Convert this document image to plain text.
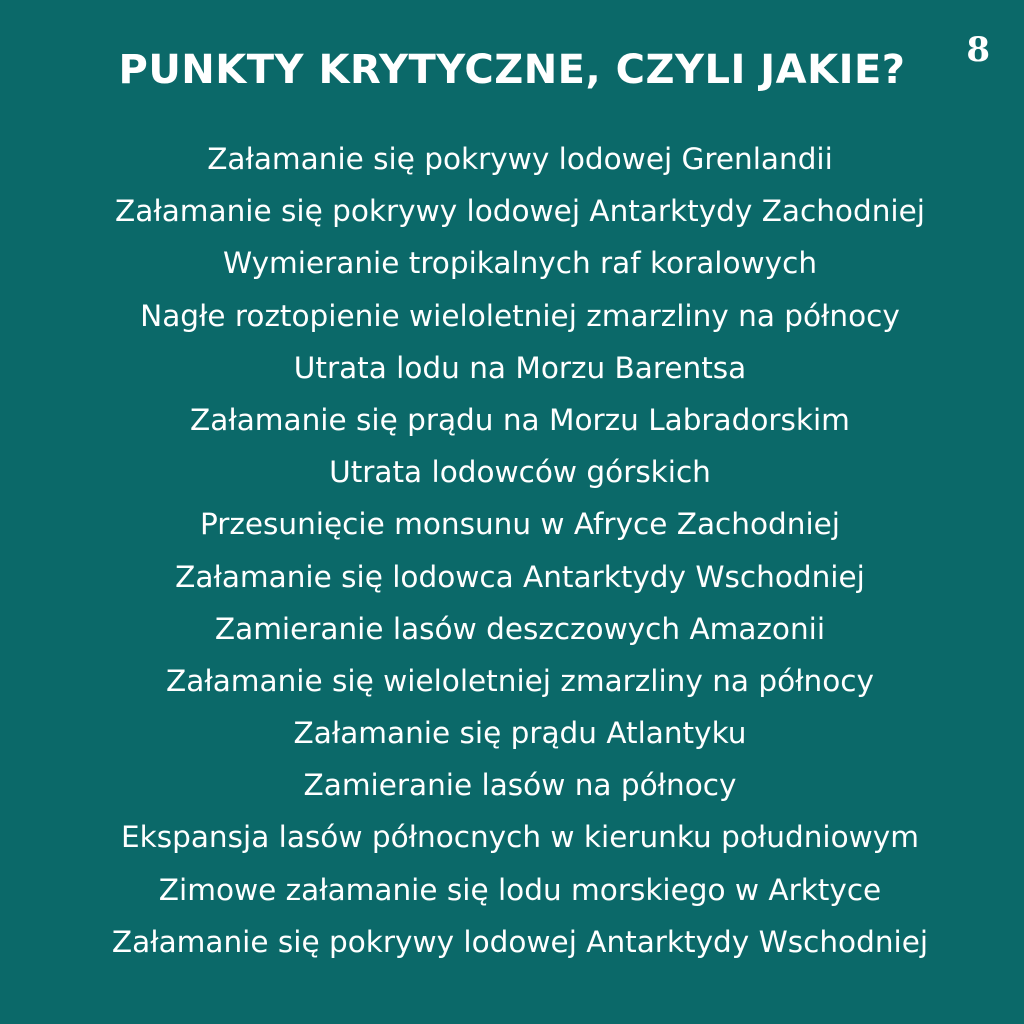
PUNKTY KRYTYCZNE, CZYLI JAKIE?	8
Załamanie się pokrywy lodowej Grenlandii
Załamanie się pokrywy lodowej Antarktydy Zachodniej
Wymieranie tropikalnych raf koralowych
Nagłe roztopienie wieloletniej zmarzliny na północy
Utrata lodu na Morzu Barentsa
Załamanie się prądu na Morzu Labradorskim
Utrata lodowców górskich
Przesunięcie monsunu w Afryce Zachodniej
Załamanie się lodowca Antarktydy Wschodniej
Zamieranie lasów deszczowych Amazonii
Załamanie się wieloletniej zmarzliny na północy
Załamanie się prądu Atlantyku
Zamieranie lasów na północy
Ekspansja lasów północnych w kierunku południowym
Zimowe załamanie się lodu morskiego w Arktyce
Załamanie się pokrywy lodowej Antarktydy Wschodniej
